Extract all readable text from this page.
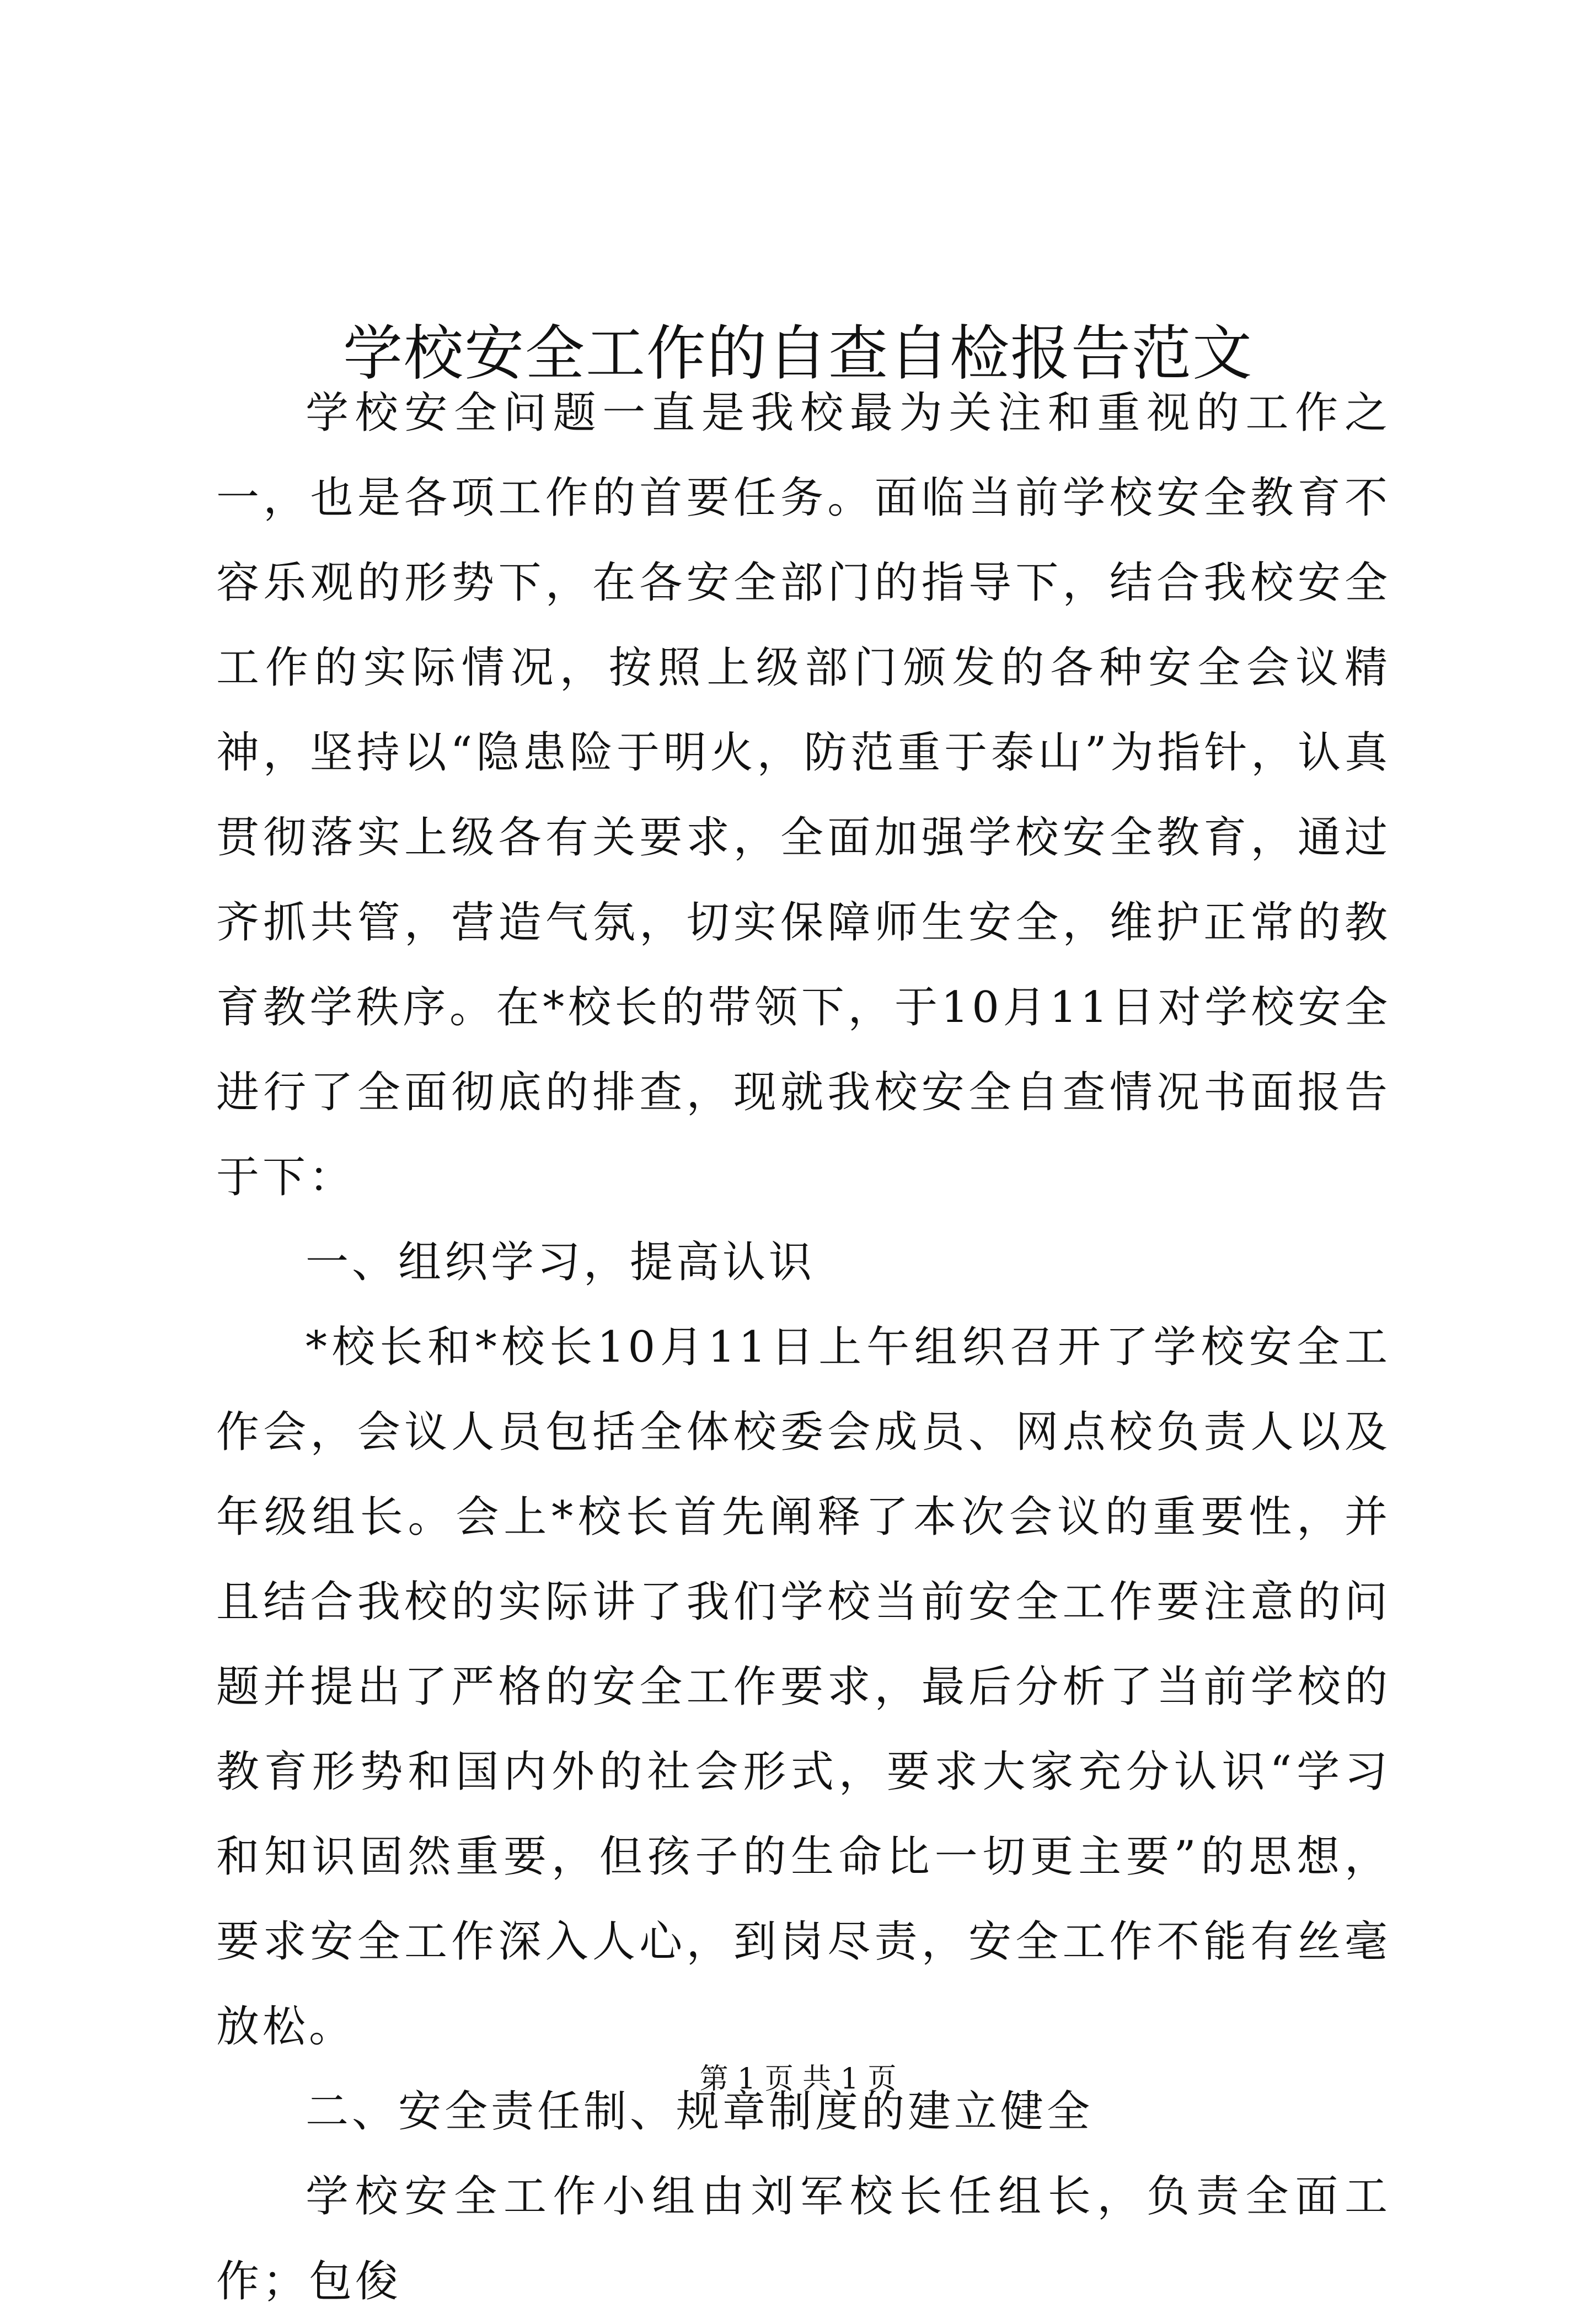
学校安全工作的自查自检报告范文

学校安全问题一直是我校最为关注和重视的工作之一，也是各项工作的首要任务。面临当前学校安全教育不容乐观的形势下，在各安全部门的指导下，结合我校安全工作的实际情况，按照上级部门颁发的各种安全会议精神，坚持以“隐患险于明火，防范重于泰山”为指针，认真贯彻落实上级各有关要求，全面加强学校安全教育，通过齐抓共管，营造气氛，切实保障师生安全，维护正常的教育教学秩序。在*校长的带领下，于10月11日对学校安全进行了全面彻底的排查，现就我校安全自查情况书面报告于下：

一、组织学习，提高认识

*校长和*校长10月11日上午组织召开了学校安全工作会，会议人员包括全体校委会成员、网点校负责人以及年级组长。会上*校长首先阐释了本次会议的重要性，并且结合我校的实际讲了我们学校当前安全工作要注意的问题并提出了严格的安全工作要求，最后分析了当前学校的教育形势和国内外的社会形式，要求大家充分认识“学习和知识固然重要，但孩子的生命比一切更主要”的思想，要求安全工作深入人心，到岗尽责，安全工作不能有丝毫放松。

二、安全责任制、规章制度的建立健全

学校安全工作小组由刘军校长任组长，负责全面工作；包俊

第 1 页 共 1 页
